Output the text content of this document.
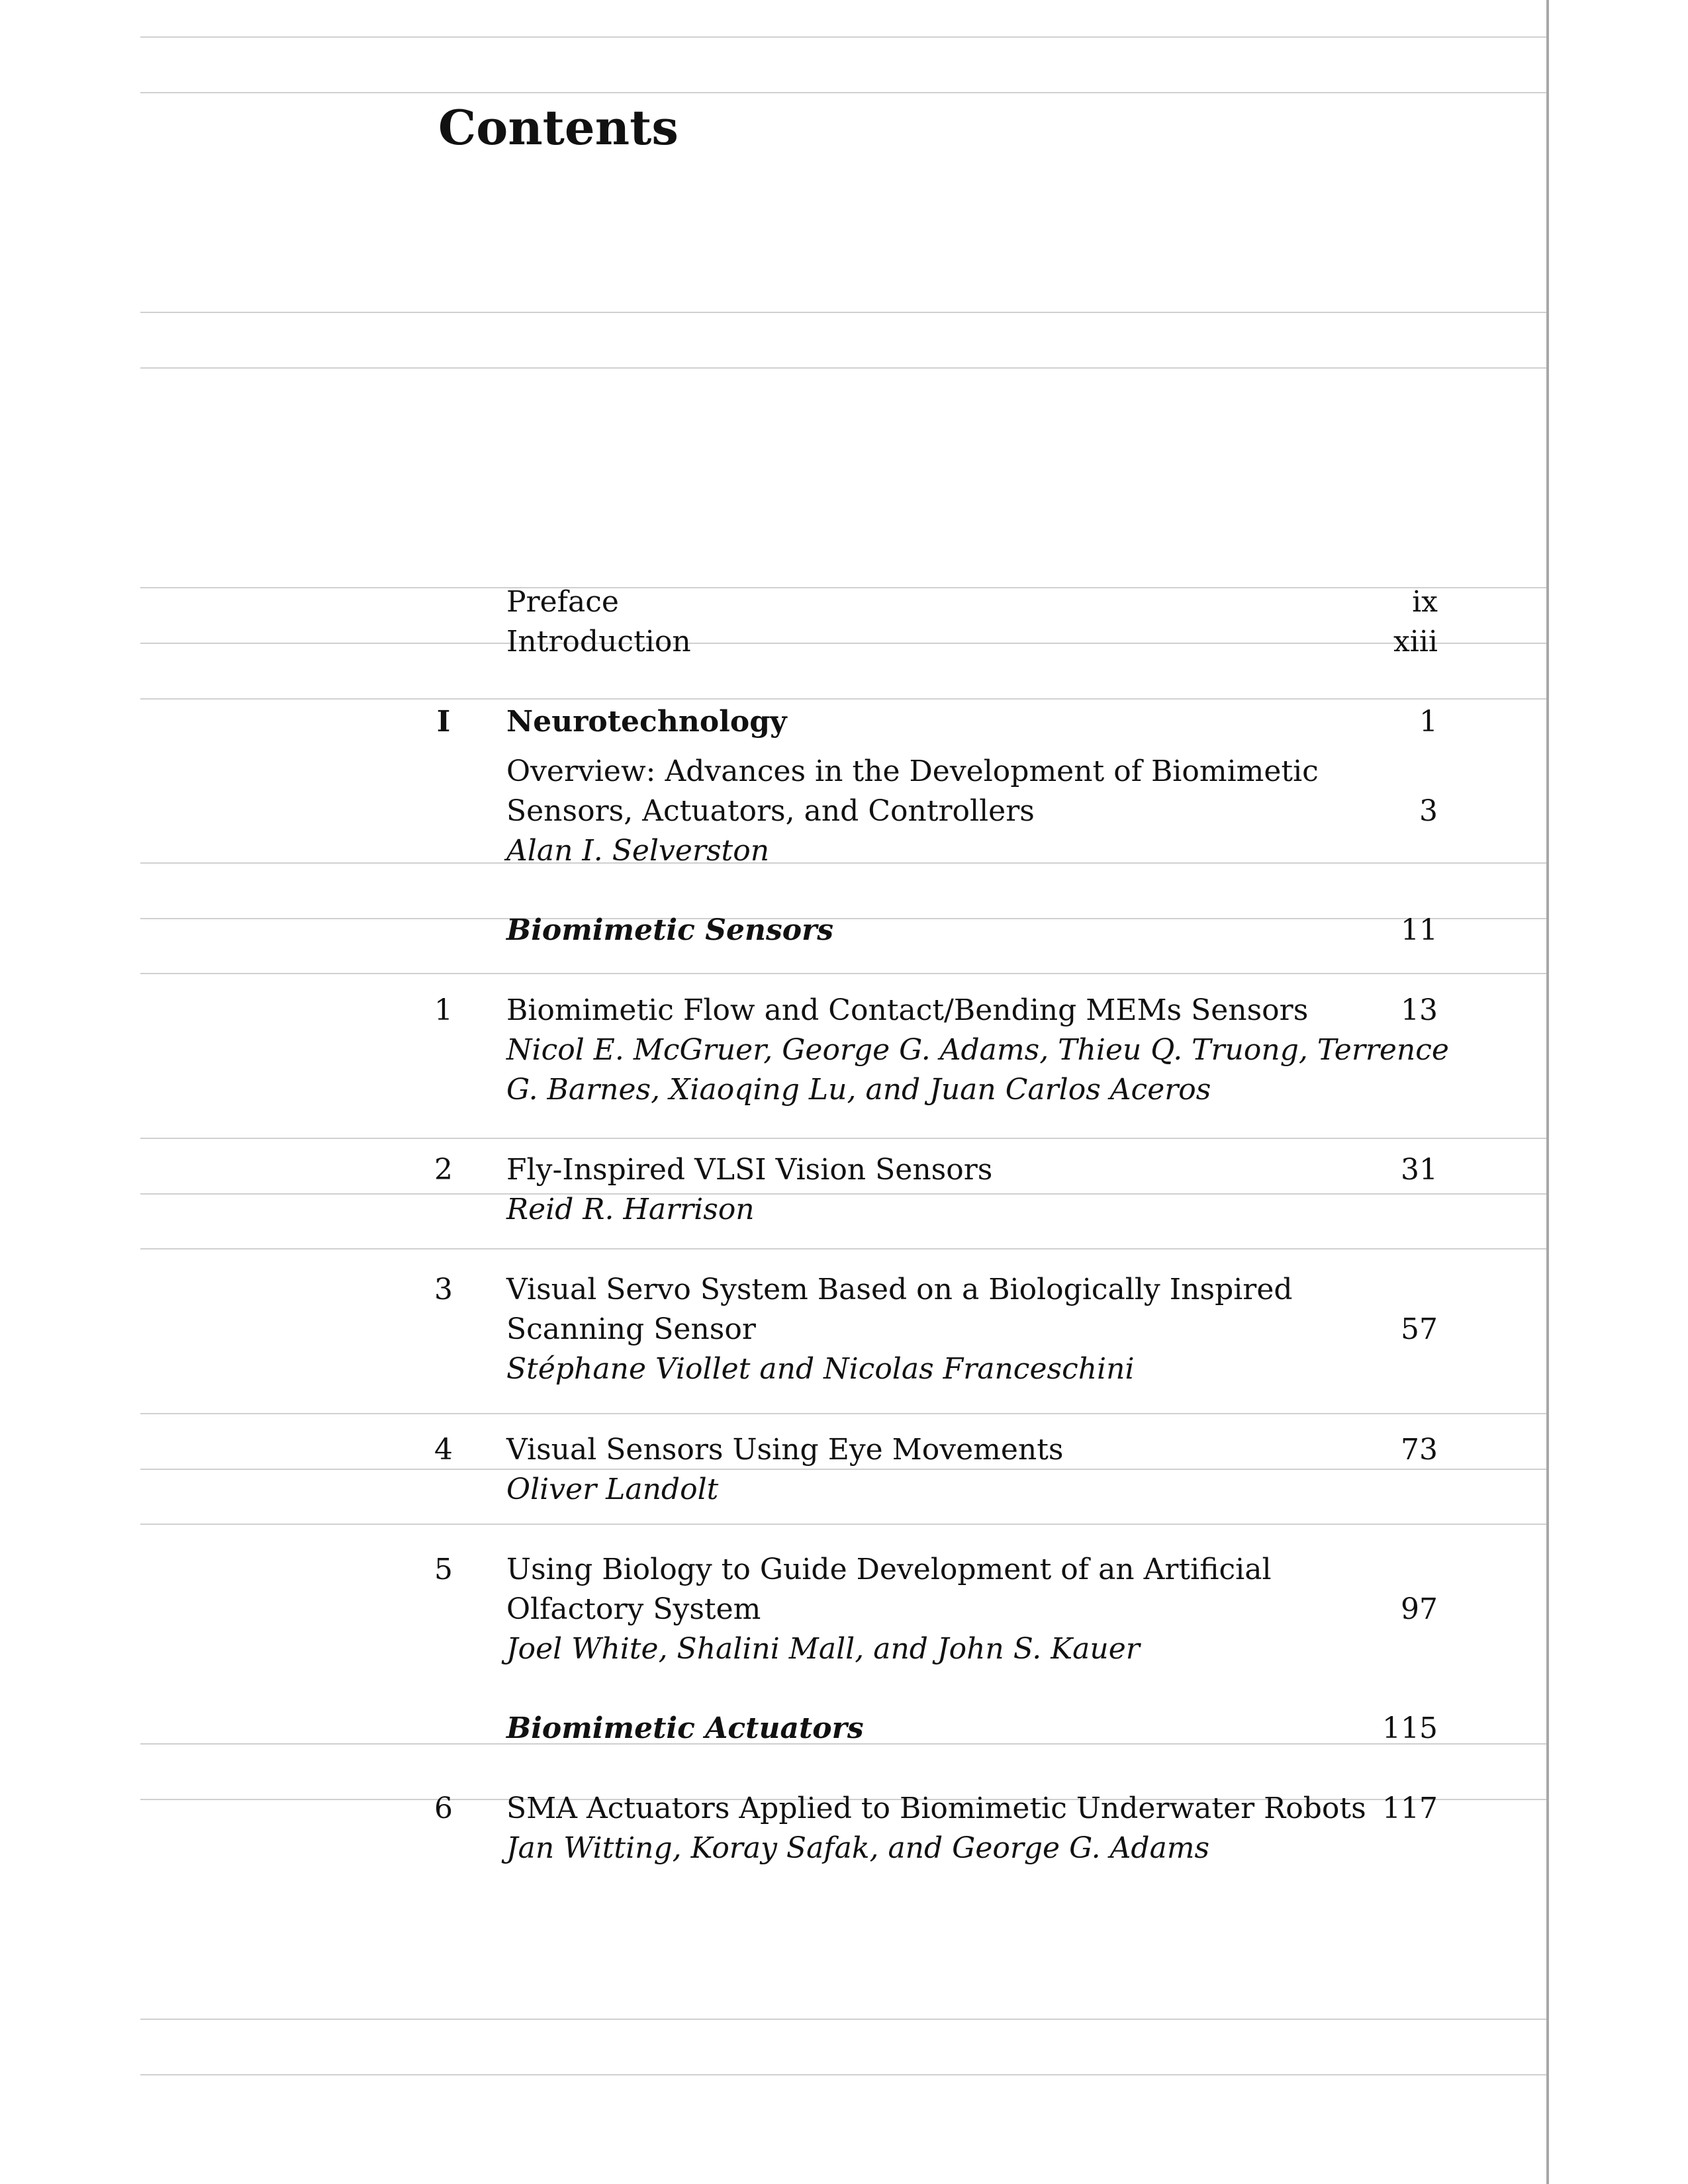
Contents
Preface	ix
Introduction	xiii
I	Neurotechnology	1
Overview: Advances in the Development of Biomimetic
Sensors, Actuators, and Controllers	3
Alan I. Selverston
Biomimetic Sensors	11
1	Biomimetic Flow and Contact/Bending MEMs Sensors	13
Nicol E. McGruer, George G. Adams, Thieu Q. Truong, Terrence
G. Barnes, Xiaoqing Lu, and Juan Carlos Aceros
2	Fly-Inspired VLSI Vision Sensors	31
Reid R. Harrison
3	Visual Servo System Based on a Biologically Inspired
Scanning Sensor	57
Stéphane Viollet and Nicolas Franceschini
4	Visual Sensors Using Eye Movements	73
Oliver Landolt
5	Using Biology to Guide Development of an Artificial
Olfactory System	97
Joel White, Shalini Mall, and John S. Kauer
Biomimetic Actuators	115
6	SMA Actuators Applied to Biomimetic Underwater Robots 117
Jan Witting, Koray Safak, and George G. Adams
